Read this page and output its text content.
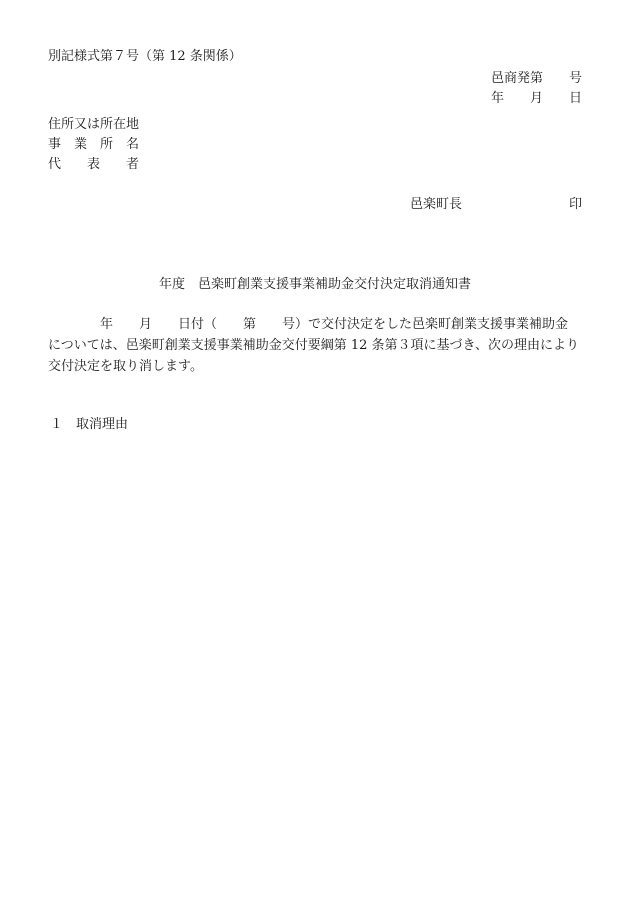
別記様式第７号（第 12 条関係）
邑商発第　　号
年　　月　　日
住所又は所在地
事　業　所　名
代　　表　　者

邑楽町長

	印

年度　邑楽町創業支援事業補助金交付決定取消通知書
　　　　年　　月　　日付（　　第　　号）で交付決定をした邑楽町創業支援事業補助金
については、邑楽町創業支援事業補助金交付要綱第 12 条第３項に基づき、次の理由により
交付決定を取り消します。
１　取消理由
